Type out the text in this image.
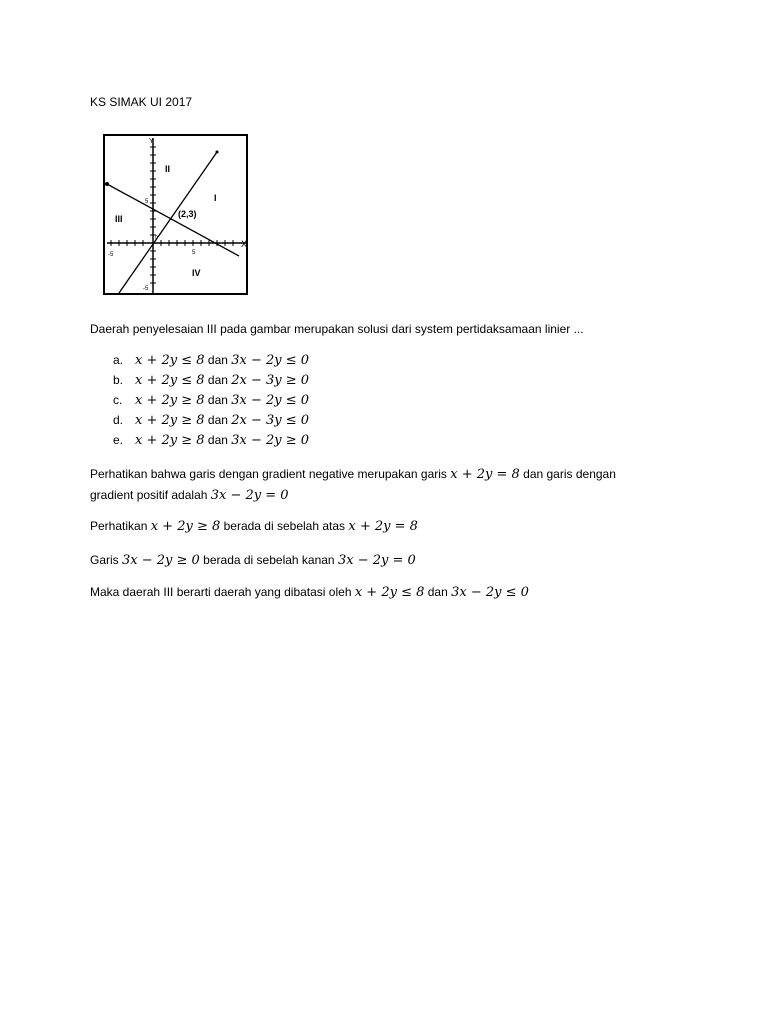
KS SIMAK UI 2017
X
Y
-5	5
5
-5
0
I
II
III
IV
(2,3)
Daerah penyelesaian III pada gambar merupakan solusi dari system pertidaksamaan linier ...
a. x + 2y ≤ 8 dan 3x − 2y ≤ 0
b. x + 2y ≤ 8 dan 2x − 3y ≥ 0
c. x + 2y ≥ 8 dan 3x − 2y ≤ 0
d. x + 2y ≥ 8 dan 2x − 3y ≤ 0
e. x + 2y ≥ 8 dan 3x − 2y ≥ 0
Perhatikan bahwa garis dengan gradient negative merupakan garis x + 2y = 8 dan garis dengan gradient positif adalah 3x − 2y = 0
Perhatikan x + 2y ≥ 8 berada di sebelah atas x + 2y = 8
Garis 3x − 2y ≥ 0 berada di sebelah kanan 3x − 2y = 0
Maka daerah III berarti daerah yang dibatasi oleh x + 2y ≤ 8 dan 3x − 2y ≤ 0
